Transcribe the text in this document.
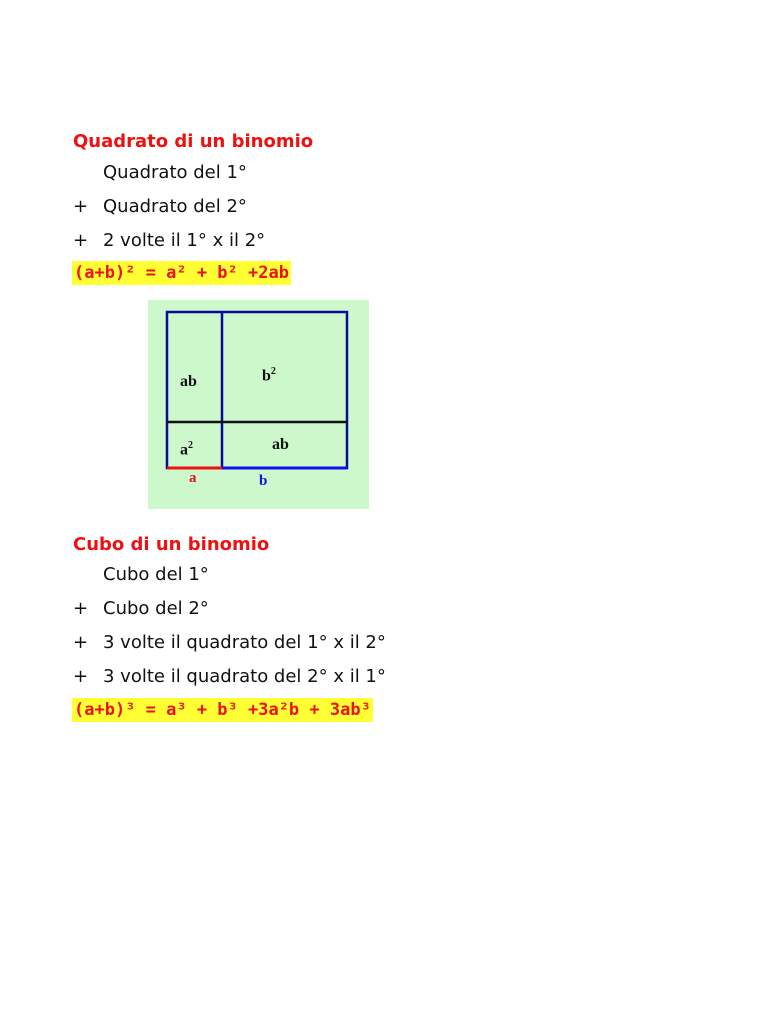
Quadrato di un binomio
Quadrato del 1°
+ Quadrato del 2°
+ 2 volte il 1° x il 2°
(a+b)² = a² + b² +2ab
ab	$b^2$
$a^2$	ab
a	b
Cubo di un binomio
Cubo del 1°
+ Cubo del 2°
+ 3 volte il quadrato del 1° x il 2°
+ 3 volte il quadrato del 2° x il 1°
(a+b)³ = a³ + b³ +3a²b + 3ab³
